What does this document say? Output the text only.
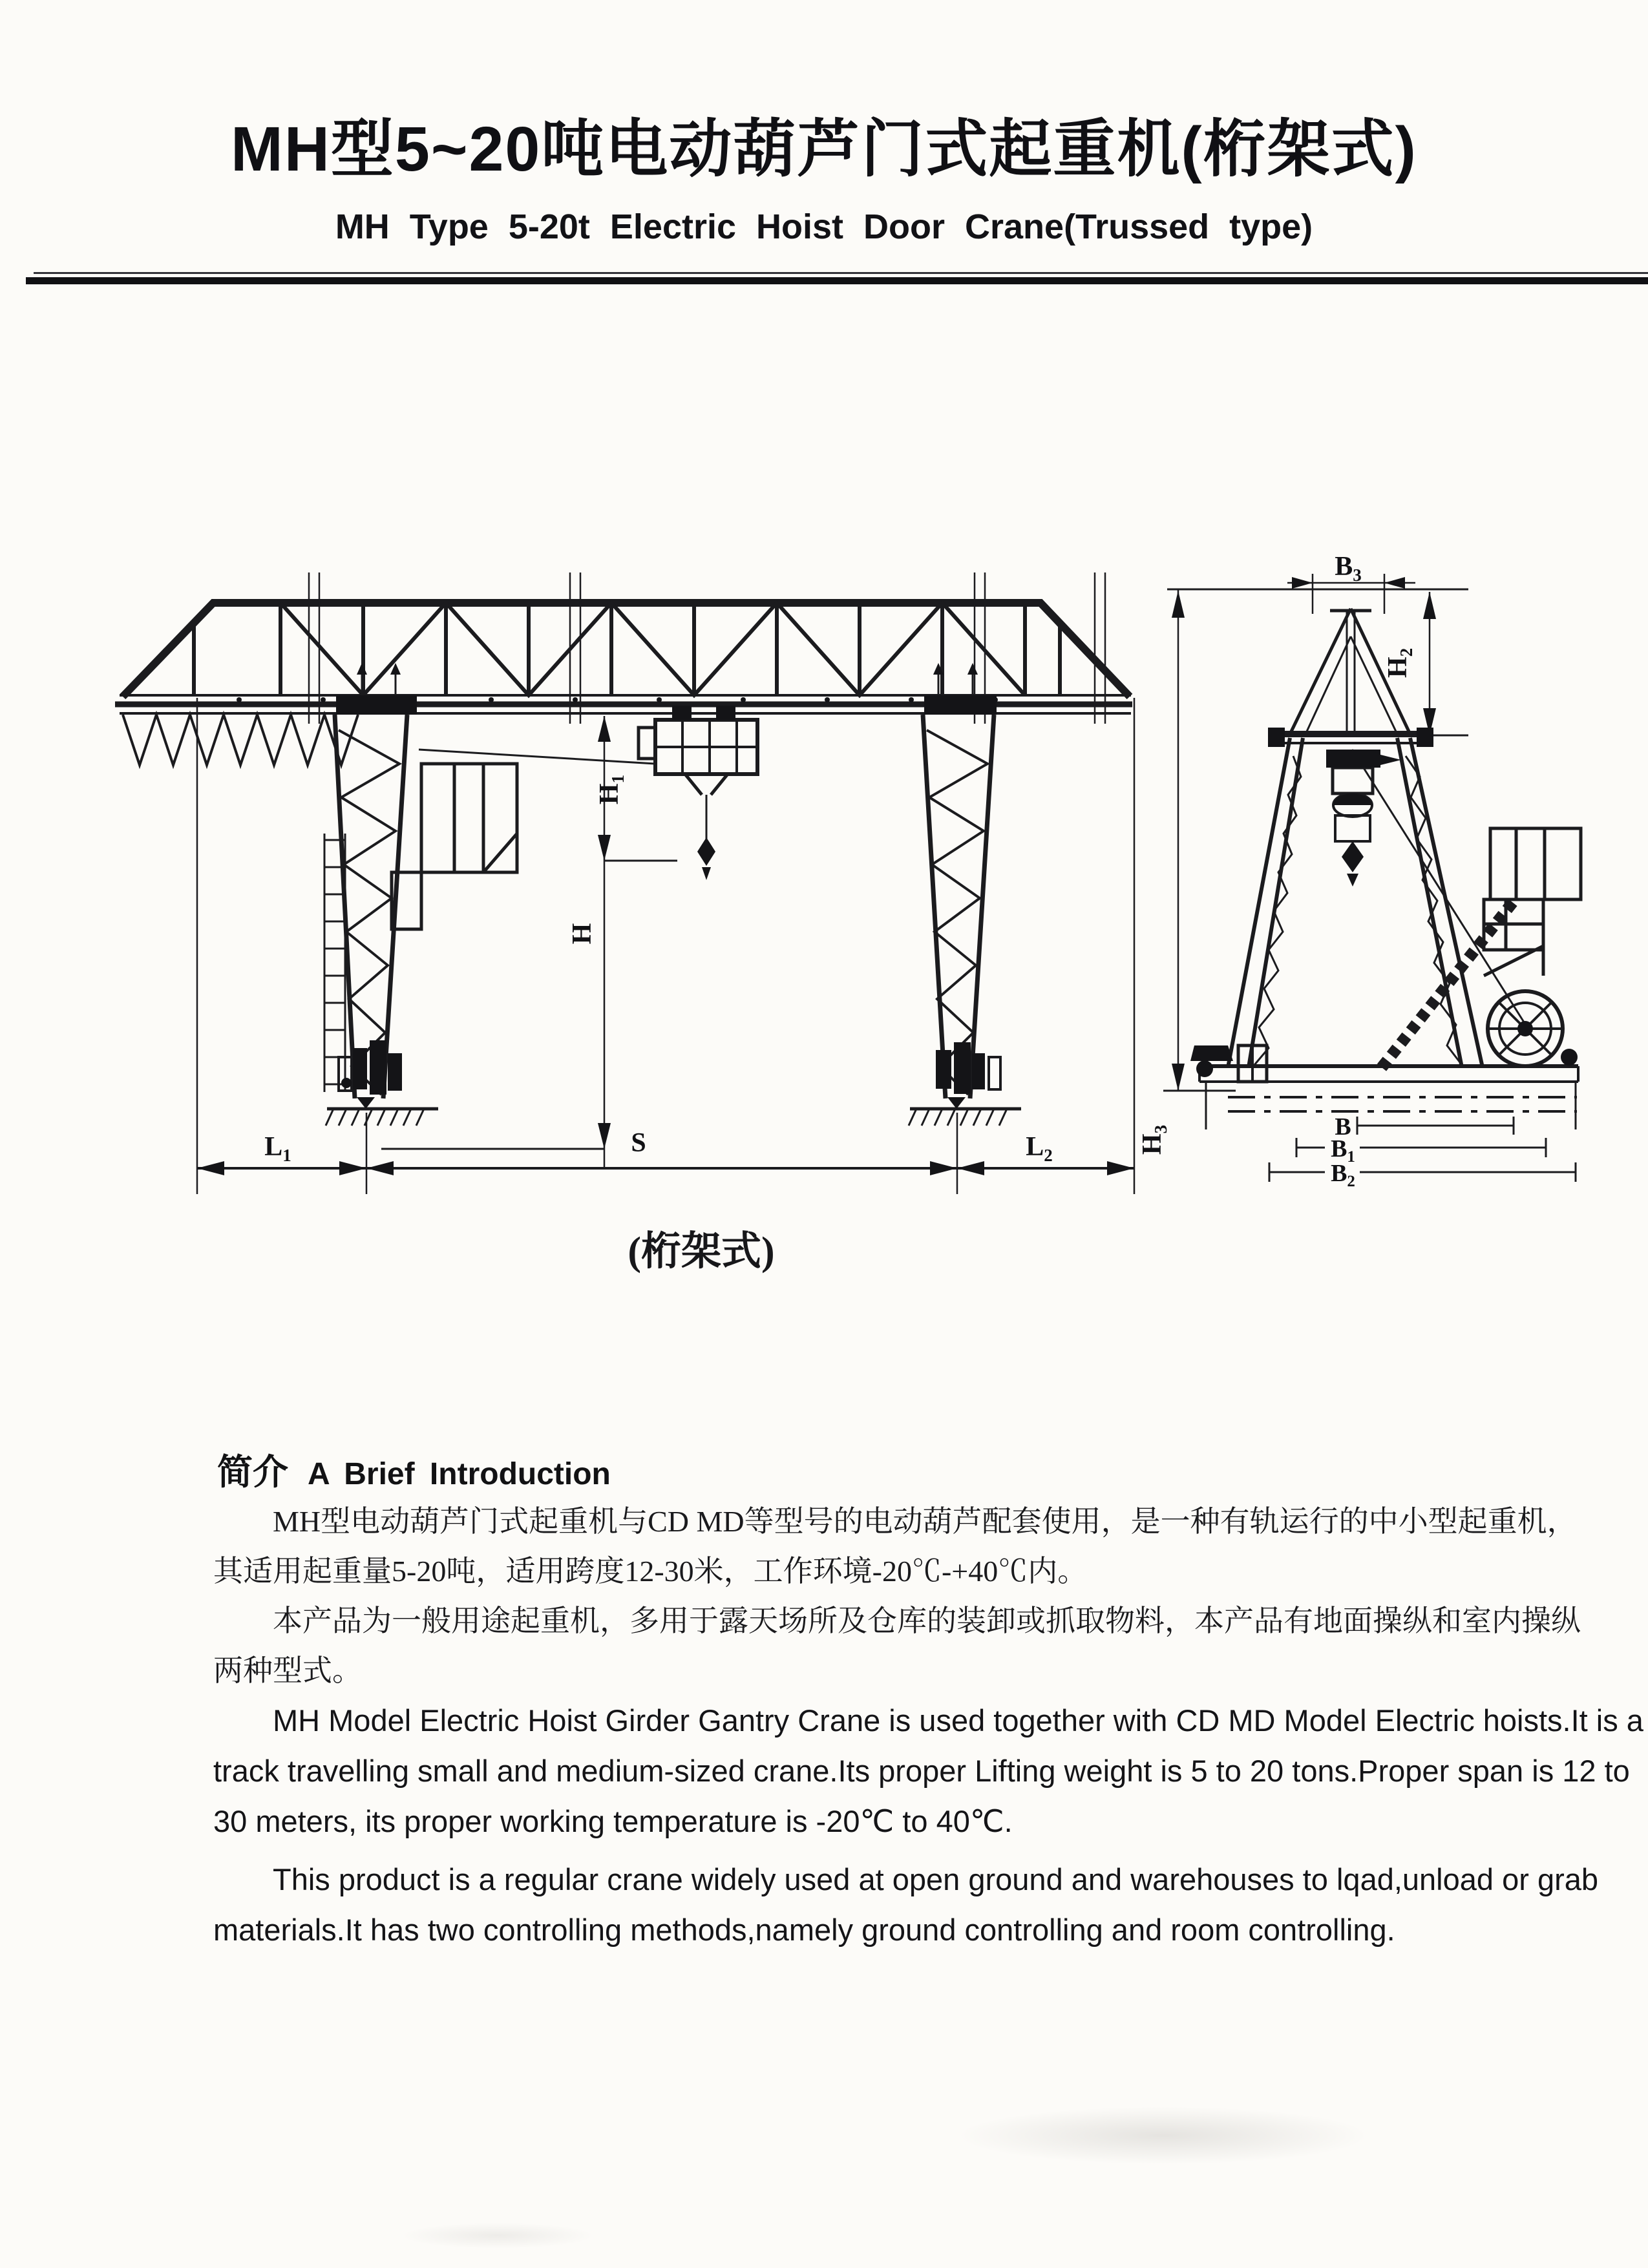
MH型5~20吨电动葫芦门式起重机(桁架式)
MH Type 5-20t Electric Hoist Door Crane(Trussed type)
$L_1$	S	$L_2$
$H_1$
H
$H_3$
$B_3$
$H_2$
B
$B_1$
$B_2$
(桁架式)
简介 A Brief Introduction
MH型电动葫芦门式起重机与CD MD等型号的电动葫芦配套使用，是一种有轨运行的中小型起重机，
其适用起重量5-20吨，适用跨度12-30米，工作环境-20℃-+40℃内。
本产品为一般用途起重机，多用于露天场所及仓库的装卸或抓取物料，本产品有地面操纵和室内操纵
两种型式。
MH Model Electric Hoist Girder Gantry Crane is used together with CD MD Model Electric hoists.It is a
track travelling small and medium-sized crane.Its proper Lifting weight is 5 to 20 tons.Proper span is 12 to
30 meters, its proper working temperature is -20℃ to 40℃.
This product is a regular crane widely used at open ground and warehouses to lqad,unload or grab
materials.It has two controlling methods,namely ground controlling and room controlling.
